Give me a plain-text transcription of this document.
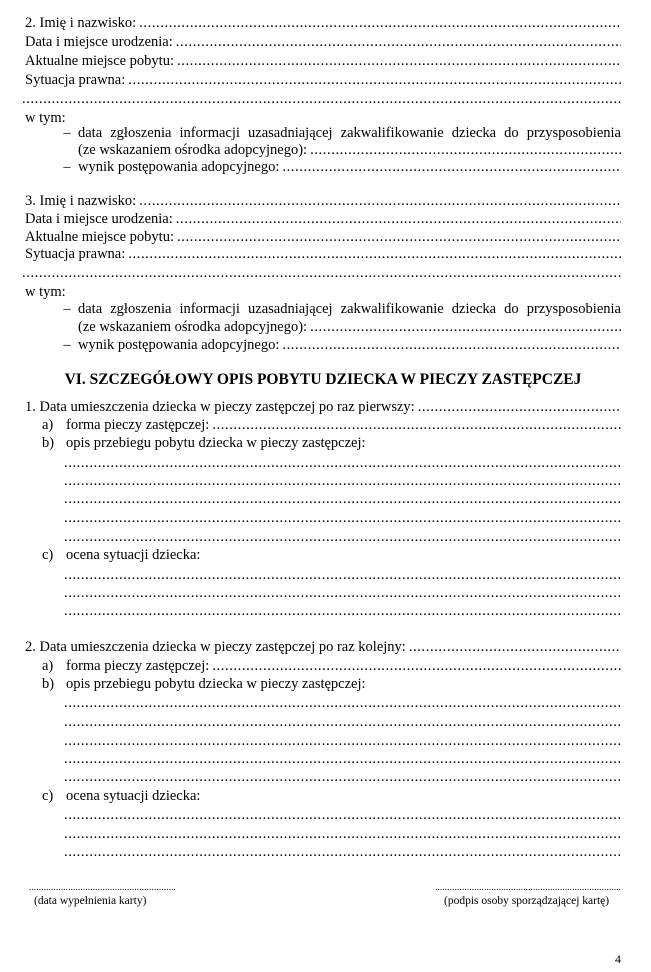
2. Imię i nazwisko:
.....
Data i miejsce urodzenia:
.....
Aktualne miejsce pobytu:
.....
Sytuacja prawna:
.....
.....
w tym:
– data zgłoszenia informacji uzasadniającej zakwalifikowanie dziecka do przysposobienia
(ze wskazaniem ośrodka adopcyjnego):
.....
– wynik postępowania adopcyjnego:
.....
3. Imię i nazwisko:
.....
Data i miejsce urodzenia:
.....
Aktualne miejsce pobytu:
.....
Sytuacja prawna:
.....
.....
w tym:
– data zgłoszenia informacji uzasadniającej zakwalifikowanie dziecka do przysposobienia
(ze wskazaniem ośrodka adopcyjnego):
.....
– wynik postępowania adopcyjnego:
.....
VI. SZCZEGÓŁOWY OPIS POBYTU DZIECKA W PIECZY ZASTĘPCZEJ
1. Data umieszczenia dziecka w pieczy zastępczej po raz pierwszy:
.....
a) forma pieczy zastępczej:
.....
b) opis przebiegu pobytu dziecka w pieczy zastępczej:
.....
.....
.....
.....
.....
c) ocena sytuacji dziecka:
.....
.....
.....
2. Data umieszczenia dziecka w pieczy zastępczej po raz kolejny:
.....
a) forma pieczy zastępczej:
.....
b) opis przebiegu pobytu dziecka w pieczy zastępczej:
.....
.....
.....
.....
.....
c) ocena sytuacji dziecka:
.....
.....
.....
.....
(data wypełnienia karty)
.....	(podpis osoby sporządzającej kartę)
4
